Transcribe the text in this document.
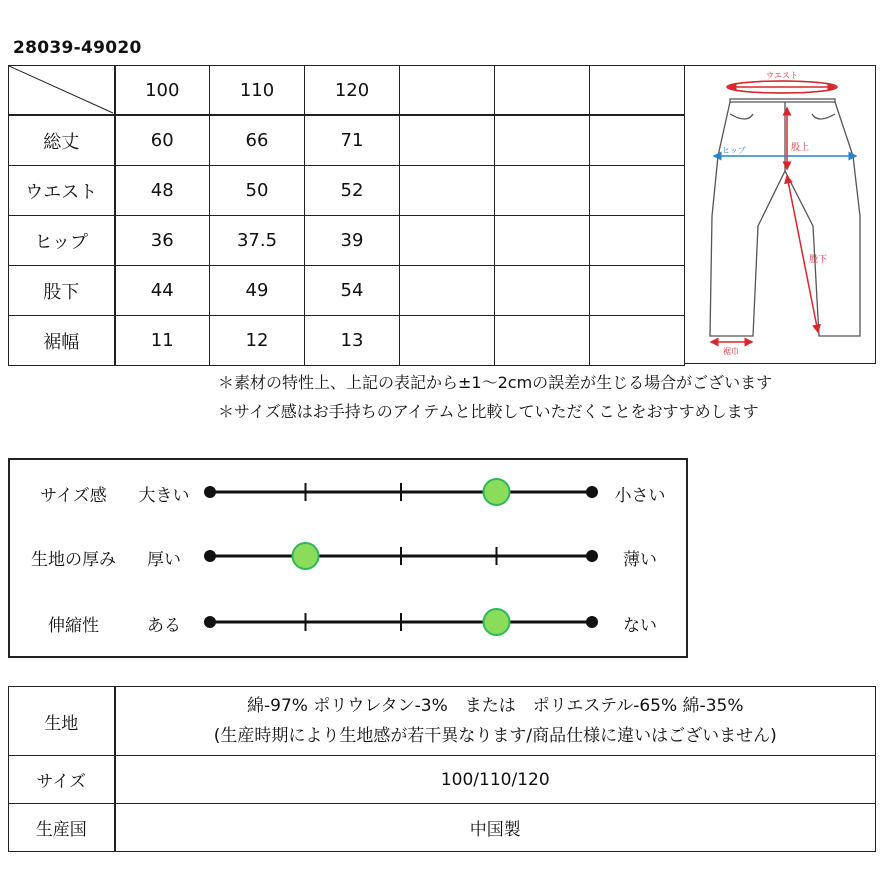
28039-49020
	100	110	120			
総丈	60	66	71			
ウエスト	48	50	52			
ヒップ	36	37.5	39			
股下	44	49	54			
裾幅	11	12	13			
ウエスト
股上
ヒップ
股下
裾巾
＊素材の特性上、上記の表記から±1〜2cmの誤差が生じる場合がございます
＊サイズ感はお手持ちのアイテムと比較していただくことをおすすめします
サイズ感	大きい	小さい
生地の厚み	厚い	薄い
伸縮性	ある	ない
生地	綿-97% ポリウレタン-3%　または　ポリエステル-65% 綿-35%
(生産時期により生地感が若干異なります/商品仕様に違いはございません)

サイズ	100/110/120
生産国	中国製
